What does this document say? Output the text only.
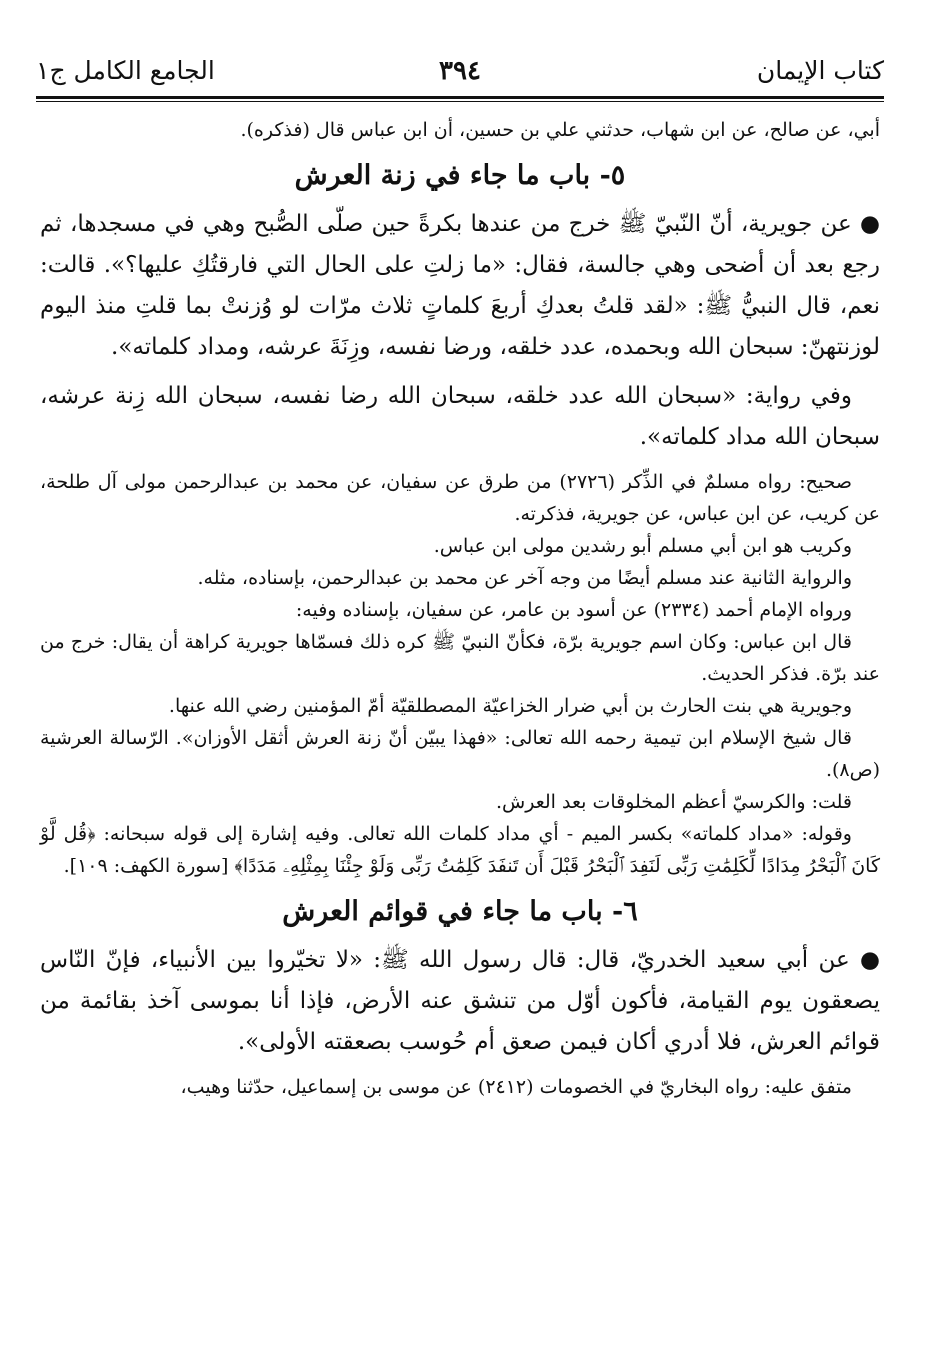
كتاب الإيمان
٣٩٤
الجامع الكامل ج١

أبي، عن صالح، عن ابن شهاب، حدثني علي بن حسين، أن ابن عباس قال (فذكره).

٥- باب ما جاء في زنة العرش

● عن جويرية، أنّ النّبيّ ﷺ خرج من عندها بكرةً حين صلّى الصُّبح وهي في مسجدها، ثم رجع بعد أن أضحى وهي جالسة، فقال: «ما زلتِ على الحال التي فارقتُكِ عليها؟». قالت: نعم، قال النبيُّ ﷺ: «لقد قلتُ بعدكِ أربعَ كلماتٍ ثلاث مرّات لو وُزنتْ بما قلتِ منذ اليوم لوزنتهنّ: سبحان الله وبحمده، عدد خلقه، ورضا نفسه، وزِنَةَ عرشه، ومداد كلماته».

وفي رواية: «سبحان الله عدد خلقه، سبحان الله رضا نفسه، سبحان الله زِنة عرشه، سبحان الله مداد كلماته».

صحيح: رواه مسلمٌ في الذِّكر (٢٧٢٦) من طرق عن سفيان، عن محمد بن عبدالرحمن مولى آل طلحة، عن كريب، عن ابن عباس، عن جويرية، فذكرته.

وكريب هو ابن أبي مسلم أبو رشدين مولى ابن عباس.

والرواية الثانية عند مسلم أيضًا من وجه آخر عن محمد بن عبدالرحمن، بإسناده، مثله.

ورواه الإمام أحمد (٢٣٣٤) عن أسود بن عامر، عن سفيان، بإسناده وفيه:

قال ابن عباس: وكان اسم جويرية برّة، فكأنّ النبيّ ﷺ كره ذلك فسمّاها جويرية كراهة أن يقال: خرج من عند برّة. فذكر الحديث.

وجويرية هي بنت الحارث بن أبي ضرار الخزاعيّة المصطلقيّة أمّ المؤمنين رضي الله عنها.

قال شيخ الإسلام ابن تيمية رحمه الله تعالى: «فهذا يبيّن أنّ زنة العرش أثقل الأوزان». الرّسالة العرشية (ص٨).

قلت: والكرسيّ أعظم المخلوقات بعد العرش.

وقوله: «مداد كلماته» بكسر الميم - أي مداد كلمات الله تعالى. وفيه إشارة إلى قوله سبحانه: ﴿قُل لَّوْ كَانَ ٱلْبَحْرُ مِدَادًا لِّكَلِمَٰتِ رَبِّى لَنَفِدَ ٱلْبَحْرُ قَبْلَ أَن تَنفَدَ كَلِمَٰتُ رَبِّى وَلَوْ جِئْنَا بِمِثْلِهِۦ مَدَدًا﴾ [سورة الكهف: ١٠٩].

٦- باب ما جاء في قوائم العرش

● عن أبي سعيد الخدريّ، قال: قال رسول الله ﷺ: «لا تخيّروا بين الأنبياء، فإنّ النّاس يصعقون يوم القيامة، فأكون أوّل من تنشق عنه الأرض، فإذا أنا بموسى آخذ بقائمة من قوائم العرش، فلا أدري أكان فيمن صعق أم حُوسب بصعقته الأولى».

متفق عليه: رواه البخاريّ في الخصومات (٢٤١٢) عن موسى بن إسماعيل، حدّثنا وهيب،
